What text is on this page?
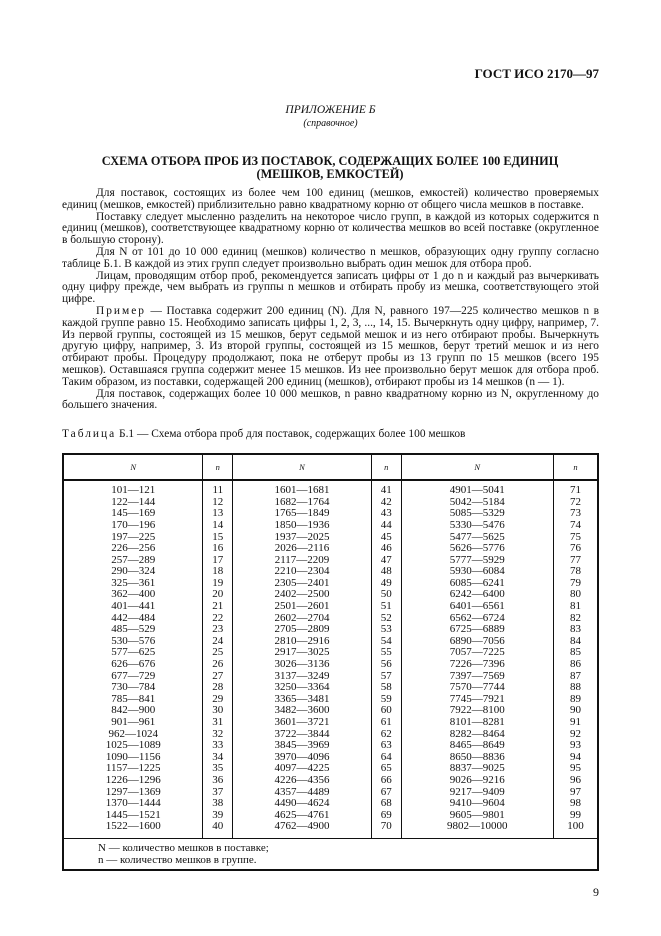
ГОСТ ИСО 2170—97
ПРИЛОЖЕНИЕ Б
(справочное)
СХЕМА ОТБОРА ПРОБ ИЗ ПОСТАВОК, СОДЕРЖАЩИХ БОЛЕЕ 100 ЕДИНИЦ
(МЕШКОВ, ЕМКОСТЕЙ)

Для поставок, состоящих из более чем 100 единиц (мешков, емкостей) количество проверяемых единиц (мешков, емкостей) приблизительно равно квадратному корню от общего числа мешков в поставке.

Поставку следует мысленно разделить на некоторое число групп, в каждой из которых содержится n единиц (мешков), соответствующее квадратному корню от количества мешков во всей поставке (округленное в большую сторону).

Для N от 101 до 10 000 единиц (мешков) количество n мешков, образующих одну группу согласно таблице Б.1. В каждой из этих групп следует произвольно выбрать один мешок для отбора проб.

Лицам, проводящим отбор проб, рекомендуется записать цифры от 1 до n и каждый раз вычеркивать одну цифру прежде, чем выбрать из группы n мешков и отбирать пробу из мешка, соответствующего этой цифре.

Пример — Поставка содержит 200 единиц (N). Для N, равного 197—225 количество мешков n в каждой группе равно 15. Необходимо записать цифры 1, 2, 3, ..., 14, 15. Вычеркнуть одну цифру, например, 7. Из первой группы, состоящей из 15 мешков, берут седьмой мешок и из него отбирают пробы. Вычеркнуть другую цифру, например, 3. Из второй группы, состоящей из 15 мешков, берут третий мешок и из него отбирают пробы. Процедуру продолжают, пока не отберут пробы из 13 групп по 15 мешков (всего 195 мешков). Оставшаяся группа содержит менее 15 мешков. Из нее произвольно берут мешок для отбора проб. Таким образом, из поставки, содержащей 200 единиц (мешков), отбирают пробы из 14 мешков (n — 1).

Для поставок, содержащих более 10 000 мешков, n равно квадратному корню из N, округленному до большего значения.

Таблица Б.1 — Схема отбора проб для поставок, содержащих более 100 мешков
N	n	N	n	N	n
101—121	11	1601—1681	41	4901—5041	71
122—144	12	1682—1764	42	5042—5184	72
145—169	13	1765—1849	43	5085—5329	73
170—196	14	1850—1936	44	5330—5476	74
197—225	15	1937—2025	45	5477—5625	75
226—256	16	2026—2116	46	5626—5776	76
257—289	17	2117—2209	47	5777—5929	77
290—324	18	2210—2304	48	5930—6084	78
325—361	19	2305—2401	49	6085—6241	79
362—400	20	2402—2500	50	6242—6400	80
401—441	21	2501—2601	51	6401—6561	81
442—484	22	2602—2704	52	6562—6724	82
485—529	23	2705—2809	53	6725—6889	83
530—576	24	2810—2916	54	6890—7056	84
577—625	25	2917—3025	55	7057—7225	85
626—676	26	3026—3136	56	7226—7396	86
677—729	27	3137—3249	57	7397—7569	87
730—784	28	3250—3364	58	7570—7744	88
785—841	29	3365—3481	59	7745—7921	89
842—900	30	3482—3600	60	7922—8100	90
901—961	31	3601—3721	61	8101—8281	91
962—1024	32	3722—3844	62	8282—8464	92
1025—1089	33	3845—3969	63	8465—8649	93
1090—1156	34	3970—4096	64	8650—8836	94
1157—1225	35	4097—4225	65	8837—9025	95
1226—1296	36	4226—4356	66	9026—9216	96
1297—1369	37	4357—4489	67	9217—9409	97
1370—1444	38	4490—4624	68	9410—9604	98
1445—1521	39	4625—4761	69	9605—9801	99
1522—1600	40	4762—4900	70	9802—10000	100

N — количество мешков в поставке;
n — количество мешков в группе.					
9
